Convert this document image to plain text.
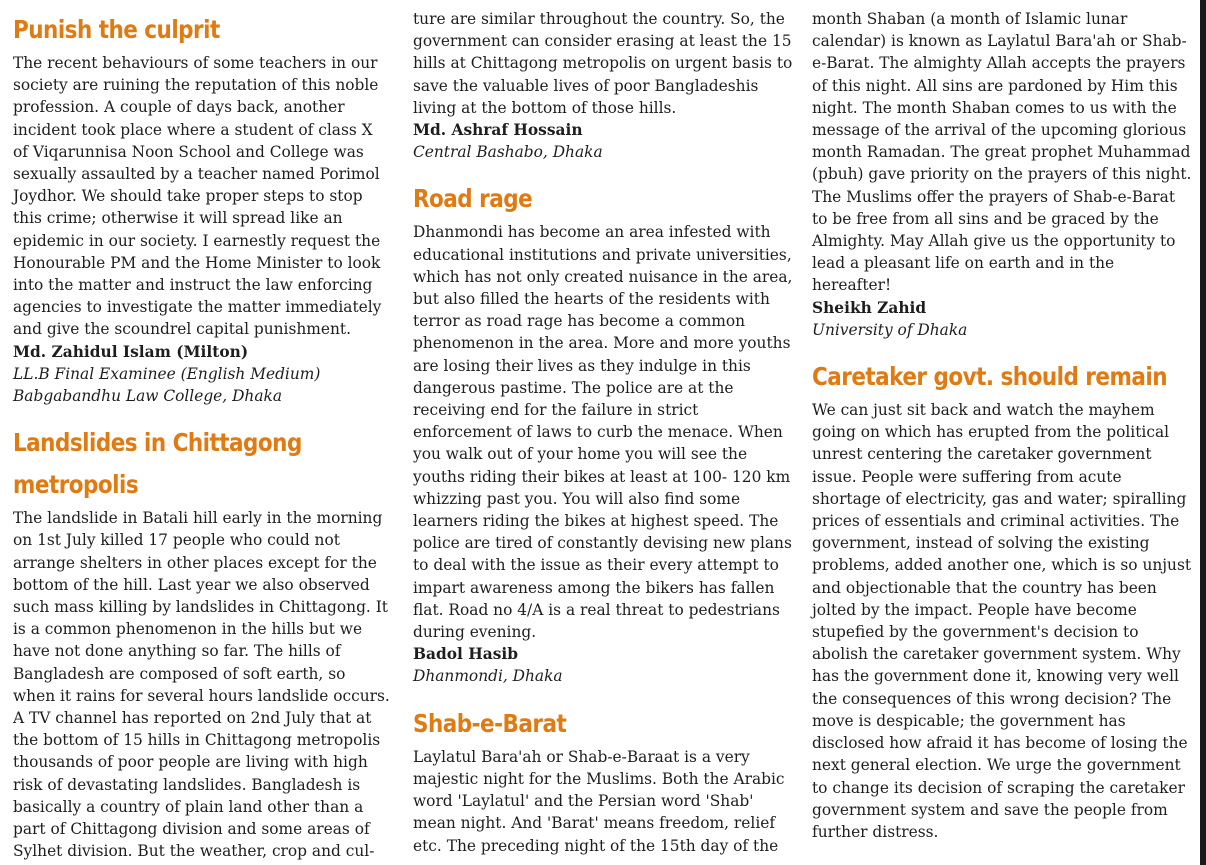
Punish the culprit

The recent behaviours of some teachers in our society are ruining the reputation of this noble profession. A couple of days back, another incident took place where a student of class X of Viqarunnisa Noon School and College was sexually assaulted by a teacher named Porimol Joydhor. We should take proper steps to stop this crime; otherwise it will spread like an epidemic in our society. I earnestly request the Honourable PM and the Home Minister to look into the matter and instruct the law enforcing agencies to investigate the matter immediately and give the scoundrel capital punishment.

Md. Zahidul Islam (Milton)
LL.B Final Examinee (English Medium)
Babgabandhu Law College, Dhaka
Landslides in Chittagong
metropolis

The landslide in Batali hill early in the morning on 1st July killed 17 people who could not arrange shelters in other places except for the bottom of the hill. Last year we also observed such mass killing by landslides in Chittagong. It is a common phenomenon in the hills but we have not done anything so far. The hills of Bangladesh are composed of soft earth, so when it rains for several hours landslide occurs. A TV channel has reported on 2nd July that at the bottom of 15 hills in Chittagong metropolis thousands of poor people are living with high risk of devastating landslides. Bangladesh is basically a country of plain land other than a part of Chittagong division and some areas of Sylhet division. But the weather, crop and cul-

ture are similar throughout the country. So, the government can consider erasing at least the 15 hills at Chittagong metropolis on urgent basis to save the valuable lives of poor Bangladeshis living at the bottom of those hills.

Md. Ashraf Hossain
Central Bashabo, Dhaka
Road rage

Dhanmondi has become an area infested with educational institutions and private universities, which has not only created nuisance in the area, but also filled the hearts of the residents with terror as road rage has become a common phenomenon in the area. More and more youths are losing their lives as they indulge in this dangerous pastime. The police are at the receiving end for the failure in strict enforcement of laws to curb the menace. When you walk out of your home you will see the youths riding their bikes at least at 100- 120 km whizzing past you. You will also find some learners riding the bikes at highest speed. The police are tired of constantly devising new plans to deal with the issue as their every attempt to impart awareness among the bikers has fallen flat. Road no 4/A is a real threat to pedestrians during evening.

Badol Hasib
Dhanmondi, Dhaka
Shab-e-Barat

Laylatul Bara'ah or Shab-e-Baraat is a very majestic night for the Muslims. Both the Arabic word 'Laylatul' and the Persian word 'Shab' mean night. And 'Barat' means freedom, relief etc. The preceding night of the 15th day of the

month Shaban (a month of Islamic lunar calendar) is known as Laylatul Bara'ah or Shab-e-Barat. The almighty Allah accepts the prayers of this night. All sins are pardoned by Him this night. The month Shaban comes to us with the message of the arrival of the upcoming glorious month Ramadan. The great prophet Muhammad (pbuh) gave priority on the prayers of this night. The Muslims offer the prayers of Shab-e-Barat to be free from all sins and be graced by the Almighty. May Allah give us the opportunity to lead a pleasant life on earth and in the hereafter!

Sheikh Zahid
University of Dhaka
Caretaker govt. should remain

We can just sit back and watch the mayhem going on which has erupted from the political unrest centering the caretaker government issue. People were suffering from acute shortage of electricity, gas and water; spiralling prices of essentials and criminal activities. The government, instead of solving the existing problems, added another one, which is so unjust and objectionable that the country has been jolted by the impact. People have become stupefied by the government's decision to abolish the caretaker government system. Why has the government done it, knowing very well the consequences of this wrong decision? The move is despicable; the government has disclosed how afraid it has become of losing the next general election. We urge the government to change its decision of scraping the caretaker government system and save the people from further distress.
